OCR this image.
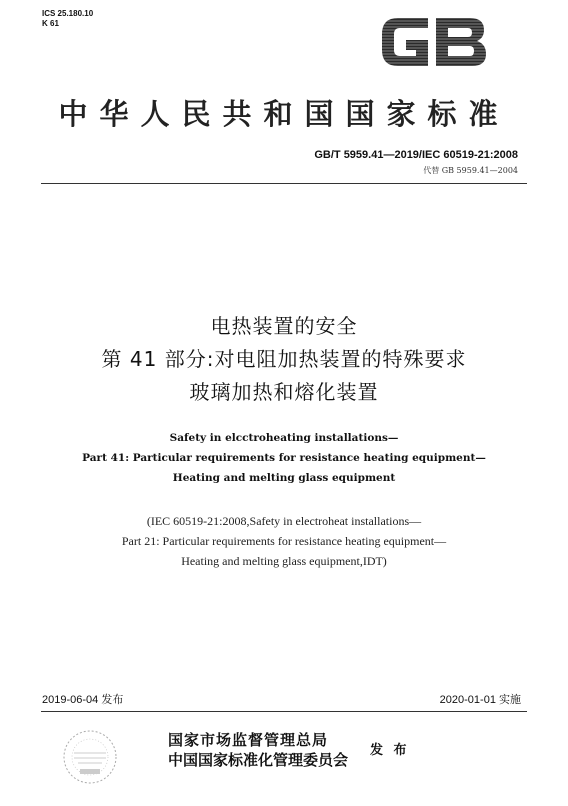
ICS 25.180.10
K 61
中华人民共和国国家标准
GB/T 5959.41—2019/IEC 60519-21:2008
代替 GB 5959.41—2004
电热装置的安全
第 41 部分:对电阻加热装置的特殊要求
玻璃加热和熔化装置
Safety in elcctroheating installations—
Part 41: Particular requirements for resistance heating equipment—
Heating and melting glass equipment
(IEC 60519-21:2008,Safety in electroheat installations—
Part 21: Particular requirements for resistance heating equipment—
Heating and melting glass equipment,IDT)
2019-06-04 发布	2020-01-01 实施
国家市场监督管理总局
中国国家标准化管理委员会
发 布
